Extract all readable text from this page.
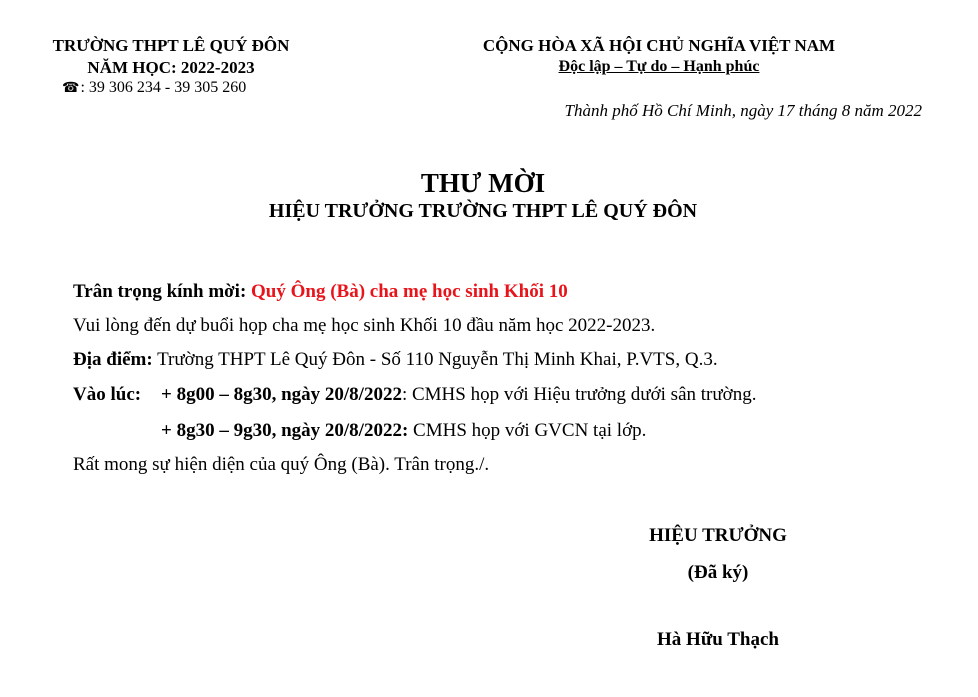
TRƯỜNG THPT LÊ QUÝ ĐÔN
NĂM HỌC: 2022-2023
☎: 39 306 234 - 39 305 260
CỘNG HÒA XÃ HỘI CHỦ NGHĨA VIỆT NAM
Độc lập – Tự do – Hạnh phúc
Thành phố Hồ Chí Minh, ngày 17 tháng 8 năm 2022
THƯ MỜI
HIỆU TRƯỞNG TRƯỜNG THPT LÊ QUÝ ĐÔN
Trân trọng kính mời: Quý Ông (Bà) cha mẹ học sinh Khối 10
Vui lòng đến dự buổi họp cha mẹ học sinh Khối 10 đầu năm học 2022-2023.
Địa điểm: Trường THPT Lê Quý Đôn - Số 110 Nguyễn Thị Minh Khai, P.VTS, Q.3.
Vào lúc: + 8g00 – 8g30, ngày 20/8/2022: CMHS họp với Hiệu trưởng dưới sân trường.
+ 8g30 – 9g30, ngày 20/8/2022: CMHS họp với GVCN tại lớp.
Rất mong sự hiện diện của quý Ông (Bà). Trân trọng./.
HIỆU TRƯỞNG
(Đã ký)
Hà Hữu Thạch
